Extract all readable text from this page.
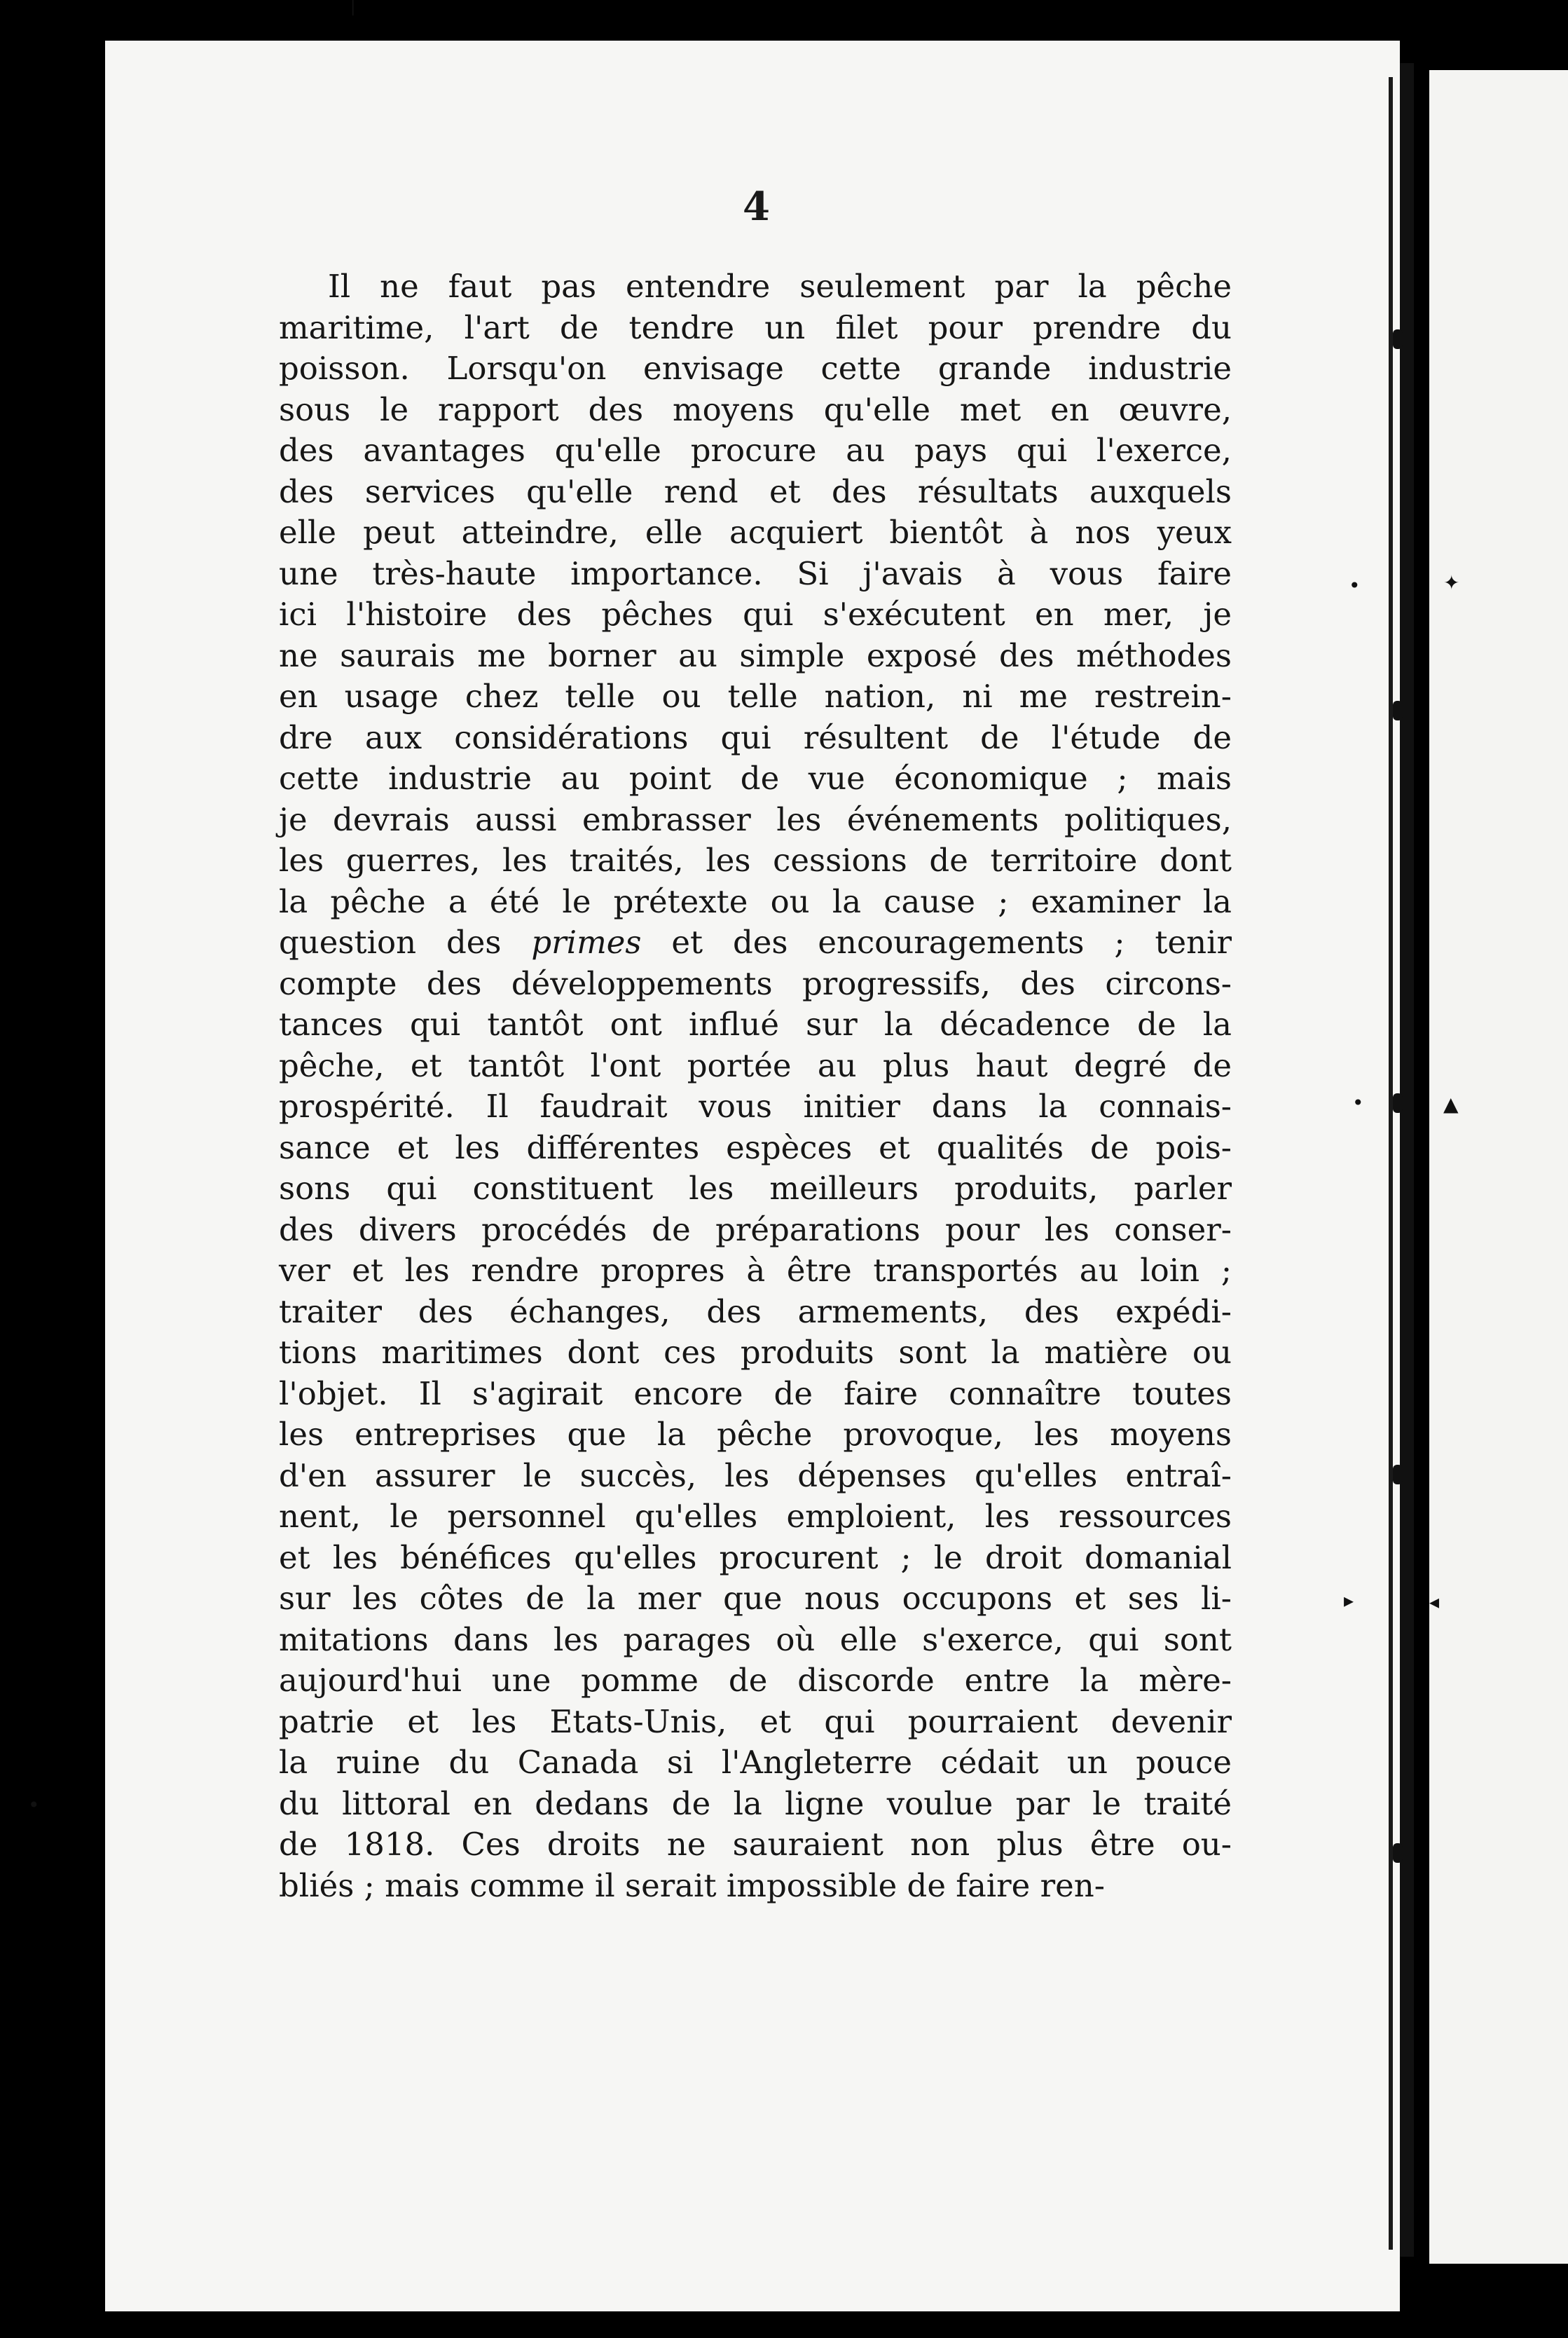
•	✦
•	▲
▸	◂
•
|
4
Il ne faut pas entendre seulement par la pêche
maritime, l'art de tendre un filet pour prendre du
poisson. Lorsqu'on envisage cette grande industrie
sous le rapport des moyens qu'elle met en œuvre,
des avantages qu'elle procure au pays qui l'exerce,
des services qu'elle rend et des résultats auxquels
elle peut atteindre, elle acquiert bientôt à nos yeux
une très-haute importance. Si j'avais à vous faire
ici l'histoire des pêches qui s'exécutent en mer, je
ne saurais me borner au simple exposé des méthodes
en usage chez telle ou telle nation, ni me restrein-
dre aux considérations qui résultent de l'étude de
cette industrie au point de vue économique ; mais
je devrais aussi embrasser les événements politiques,
les guerres, les traités, les cessions de territoire dont
la pêche a été le prétexte ou la cause ; examiner la
question des primes et des encouragements ; tenir
compte des développements progressifs, des circons-
tances qui tantôt ont influé sur la décadence de la
pêche, et tantôt l'ont portée au plus haut degré de
prospérité. Il faudrait vous initier dans la connais-
sance et les différentes espèces et qualités de pois-
sons qui constituent les meilleurs produits, parler
des divers procédés de préparations pour les conser-
ver et les rendre propres à être transportés au loin ;
traiter des échanges, des armements, des expédi-
tions maritimes dont ces produits sont la matière ou
l'objet. Il s'agirait encore de faire connaître toutes
les entreprises que la pêche provoque, les moyens
d'en assurer le succès, les dépenses qu'elles entraî-
nent, le personnel qu'elles emploient, les ressources
et les bénéfices qu'elles procurent ; le droit domanial
sur les côtes de la mer que nous occupons et ses li-
mitations dans les parages où elle s'exerce, qui sont
aujourd'hui une pomme de discorde entre la mère-
patrie et les Etats-Unis, et qui pourraient devenir
la ruine du Canada si l'Angleterre cédait un pouce
du littoral en dedans de la ligne voulue par le traité
de 1818. Ces droits ne sauraient non plus être ou-
bliés ; mais comme il serait impossible de faire ren-
